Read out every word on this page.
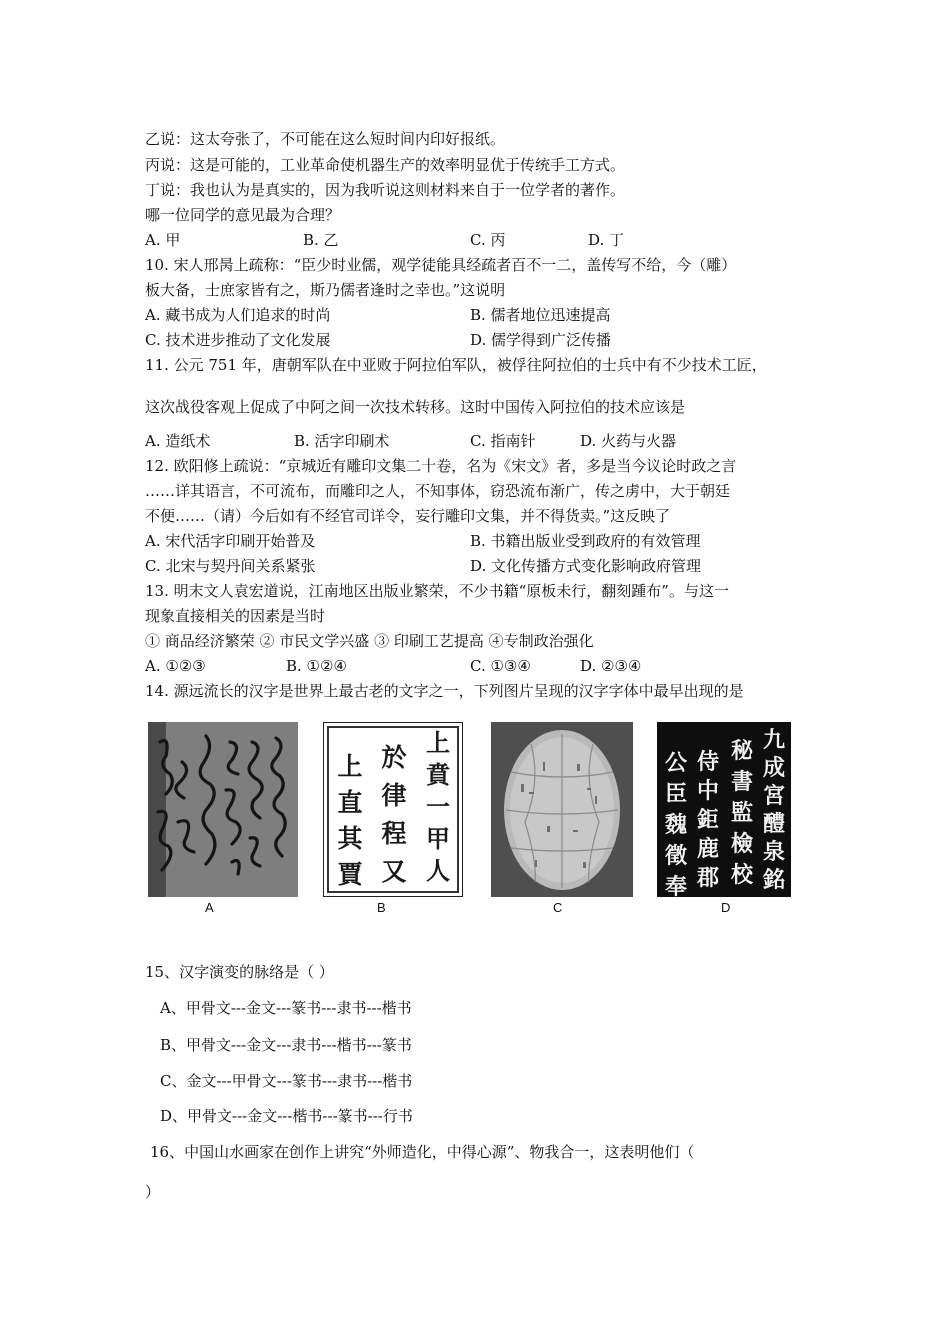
乙说：这太夸张了，不可能在这么短时间内印好报纸。
丙说：这是可能的，工业革命使机器生产的效率明显优于传统手工方式。
丁说：我也认为是真实的，因为我听说这则材料来自于一位学者的著作。
哪一位同学的意见最为合理？
A. 甲	B. 乙	C. 丙	D. 丁
10. 宋人邢昺上疏称：“臣少时业儒，观学徒能具经疏者百不一二，盖传写不给，今（雕）
板大备，士庶家皆有之，斯乃儒者逢时之幸也。”这说明
A. 藏书成为人们追求的时尚	B. 儒者地位迅速提高
C. 技术进步推动了文化发展	D. 儒学得到广泛传播
11. 公元 751 年，唐朝军队在中亚败于阿拉伯军队，被俘往阿拉伯的士兵中有不少技术工匠，
这次战役客观上促成了中阿之间一次技术转移。这时中国传入阿拉伯的技术应该是
A. 造纸术	B. 活字印刷术	C. 指南针	D. 火药与火器
12. 欧阳修上疏说：“京城近有雕印文集二十卷，名为《宋文》者，多是当今议论时政之言
……详其语言，不可流布，而雕印之人，不知事体，窃恐流布渐广，传之虏中，大于朝廷
不便……（请）今后如有不经官司详令，妄行雕印文集，并不得货卖。”这反映了
A. 宋代活字印刷开始普及	B. 书籍出版业受到政府的有效管理
C. 北宋与契丹间关系紧张	D. 文化传播方式变化影响政府管理
13. 明末文人袁宏道说，江南地区出版业繁荣，不少书籍“原板未行，翻刻踵布”。与这一
现象直接相关的因素是当时
① 商品经济繁荣 ② 市民文学兴盛 ③ 印刷工艺提高 ④专制政治强化
A. ①②③	B. ①②④	C. ①③④	D. ②③④
14. 源远流长的汉字是世界上最古老的文字之一，下列图片呈现的汉字字体中最早出现的是
A
上
直
其
賈
於
律
程
又
上
賁
一
甲
人
B	C
九
成
宮
醴
泉
銘
秘
書
監
檢
校
侍
中
鉅
鹿
郡
公
臣
魏
徵
奉
D
15、汉字演变的脉络是（ ）
A、甲骨文---金文---篆书---隶书---楷书
B、甲骨文---金文---隶书---楷书---篆书
C、金文---甲骨文---篆书---隶书---楷书
D、甲骨文---金文---楷书---篆书---行书
16、中国山水画家在创作上讲究“外师造化，中得心源”、物我合一，这表明他们（
）
